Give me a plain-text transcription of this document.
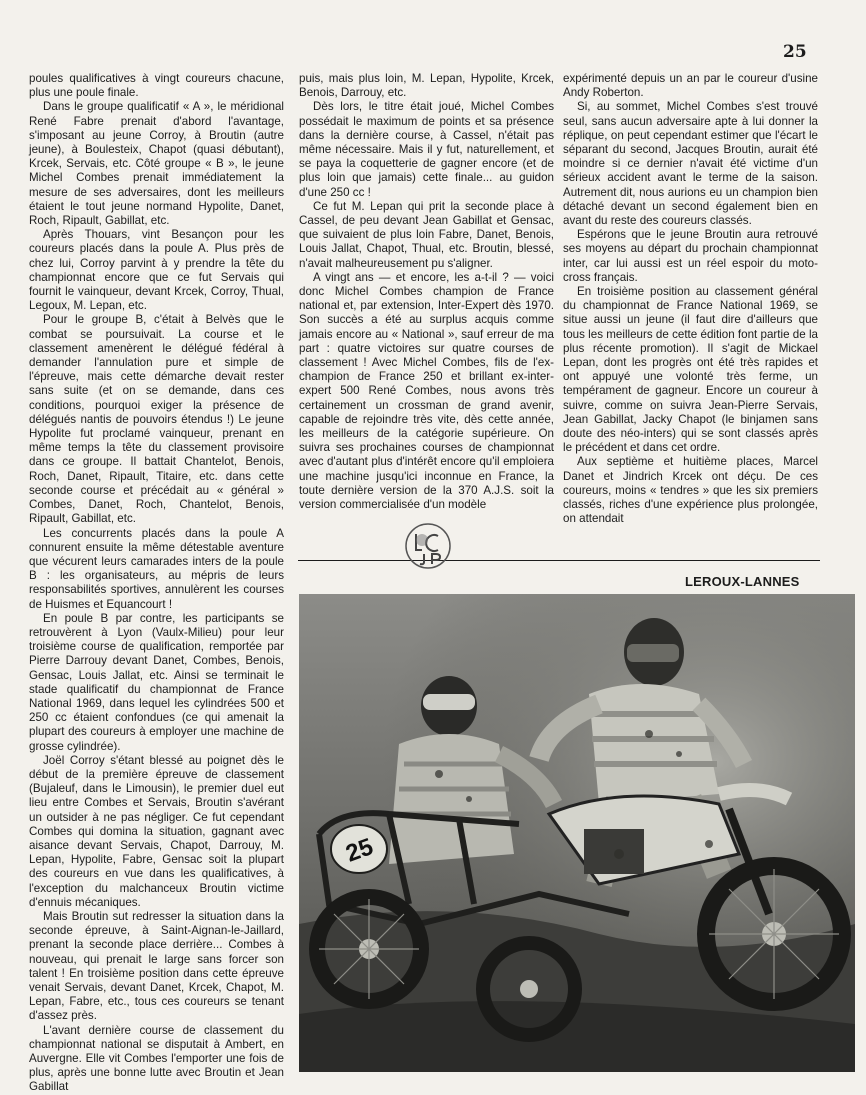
25

poules qualificatives à vingt coureurs chacune, plus une poule finale.

Dans le groupe qualificatif « A », le méridional René Fabre prenait d'abord l'avantage, s'imposant au jeune Corroy, à Broutin (autre jeune), à Boulesteix, Chapot (quasi débutant), Krcek, Servais, etc. Côté groupe « B », le jeune Michel Combes prenait immédiatement la mesure de ses adversaires, dont les meilleurs étaient le tout jeune normand Hypolite, Danet, Roch, Ripault, Gabillat, etc.

Après Thouars, vint Besançon pour les coureurs placés dans la poule A. Plus près de chez lui, Corroy parvint à y prendre la tête du championnat encore que ce fut Servais qui fournit le vainqueur, devant Krcek, Corroy, Thual, Legoux, M. Lepan, etc.

Pour le groupe B, c'était à Belvès que le combat se poursuivait. La course et le classement amenèrent le délégué fédéral à demander l'annulation pure et simple de l'épreuve, mais cette démarche devait rester sans suite (et on se demande, dans ces conditions, pourquoi exiger la présence de délégués nantis de pouvoirs étendus !) Le jeune Hypolite fut proclamé vainqueur, prenant en même temps la tête du classement provisoire dans ce groupe. Il battait Chantelot, Benois, Roch, Danet, Ripault, Titaire, etc. dans cette seconde course et précédait au « général » Combes, Danet, Roch, Chantelot, Benois, Ripault, Gabillat, etc.

Les concurrents placés dans la poule A connurent ensuite la même détestable aventure que vécurent leurs camarades inters de la poule B : les organisateurs, au mépris de leurs responsabilités sportives, annulèrent les courses de Huismes et Equancourt !

En poule B par contre, les participants se retrouvèrent à Lyon (Vaulx-Milieu) pour leur troisième course de qualification, remportée par Pierre Darrouy devant Danet, Combes, Benois, Gensac, Louis Jallat, etc. Ainsi se terminait le stade qualificatif du championnat de France National 1969, dans lequel les cylindrées 500 et 250 cc étaient confondues (ce qui amenait la plupart des coureurs à employer une machine de grosse cylindrée).

Joël Corroy s'étant blessé au poignet dès le début de la première épreuve de classement (Bujaleuf, dans le Limousin), le premier duel eut lieu entre Combes et Servais, Broutin s'avérant un outsider à ne pas négliger. Ce fut cependant Combes qui domina la situation, gagnant avec aisance devant Servais, Chapot, Darrouy, M. Lepan, Hypolite, Fabre, Gensac soit la plupart des coureurs en vue dans les qualificatives, à l'exception du malchanceux Broutin victime d'ennuis mécaniques.

Mais Broutin sut redresser la situation dans la seconde épreuve, à Saint-Aignan-le-Jaillard, prenant la seconde place derrière... Combes à nouveau, qui prenait le large sans forcer son talent ! En troisième position dans cette épreuve venait Servais, devant Danet, Krcek, Chapot, M. Lepan, Fabre, etc., tous ces coureurs se tenant d'assez près.

L'avant dernière course de classement du championnat national se disputait à Ambert, en Auvergne. Elle vit Combes l'emporter une fois de plus, après une bonne lutte avec Broutin et Jean Gabillat

puis, mais plus loin, M. Lepan, Hypolite, Krcek, Benois, Darrouy, etc.

Dès lors, le titre était joué, Michel Combes possédait le maximum de points et sa présence dans la dernière course, à Cassel, n'était pas même nécessaire. Mais il y fut, naturellement, et se paya la coquetterie de gagner encore (et de plus loin que jamais) cette finale... au guidon d'une 250 cc !

Ce fut M. Lepan qui prit la seconde place à Cassel, de peu devant Jean Gabillat et Gensac, que suivaient de plus loin Fabre, Danet, Benois, Louis Jallat, Chapot, Thual, etc. Broutin, blessé, n'avait malheureusement pu s'aligner.

A vingt ans — et encore, les a-t-il ? — voici donc Michel Combes champion de France national et, par extension, Inter-Expert dès 1970. Son succès a été au surplus acquis comme jamais encore au « National », sauf erreur de ma part : quatre victoires sur quatre courses de classement ! Avec Michel Combes, fils de l'ex-champion de France 250 et brillant ex-inter-expert 500 René Combes, nous avons très certainement un crossman de grand avenir, capable de rejoindre très vite, dès cette année, les meilleurs de la catégorie supérieure. On suivra ses prochaines courses de championnat avec d'autant plus d'intérêt encore qu'il emploiera une machine jusqu'ici inconnue en France, la toute dernière version de la 370 A.J.S. soit la version commercialisée d'un modèle

expérimenté depuis un an par le coureur d'usine Andy Roberton.

Si, au sommet, Michel Combes s'est trouvé seul, sans aucun adversaire apte à lui donner la réplique, on peut cependant estimer que l'écart le séparant du second, Jacques Broutin, aurait été moindre si ce dernier n'avait été victime d'un sérieux accident avant le terme de la saison. Autrement dit, nous aurions eu un champion bien détaché devant un second également bien en avant du reste des coureurs classés.

Espérons que le jeune Broutin aura retrouvé ses moyens au départ du prochain championnat inter, car lui aussi est un réel espoir du moto-cross français.

En troisième position au classement général du championnat de France National 1969, se situe aussi un jeune (il faut dire d'ailleurs que tous les meilleurs de cette édition font partie de la plus récente promotion). Il s'agit de Mickael Lepan, dont les progrès ont été très rapides et ont appuyé une volonté très ferme, un tempérament de gagneur. Encore un coureur à suivre, comme on suivra Jean-Pierre Servais, Jean Gabillat, Jacky Chapot (le binjamen sans doute des néo-inters) qui se sont classés après le précédent et dans cet ordre.

Aux septième et huitième places, Marcel Danet et Jindrich Krcek ont déçu. De ces coureurs, moins « tendres » que les six premiers classés, riches d'une expérience plus prolongée, on attendait

LEROUX-LANNES
25
